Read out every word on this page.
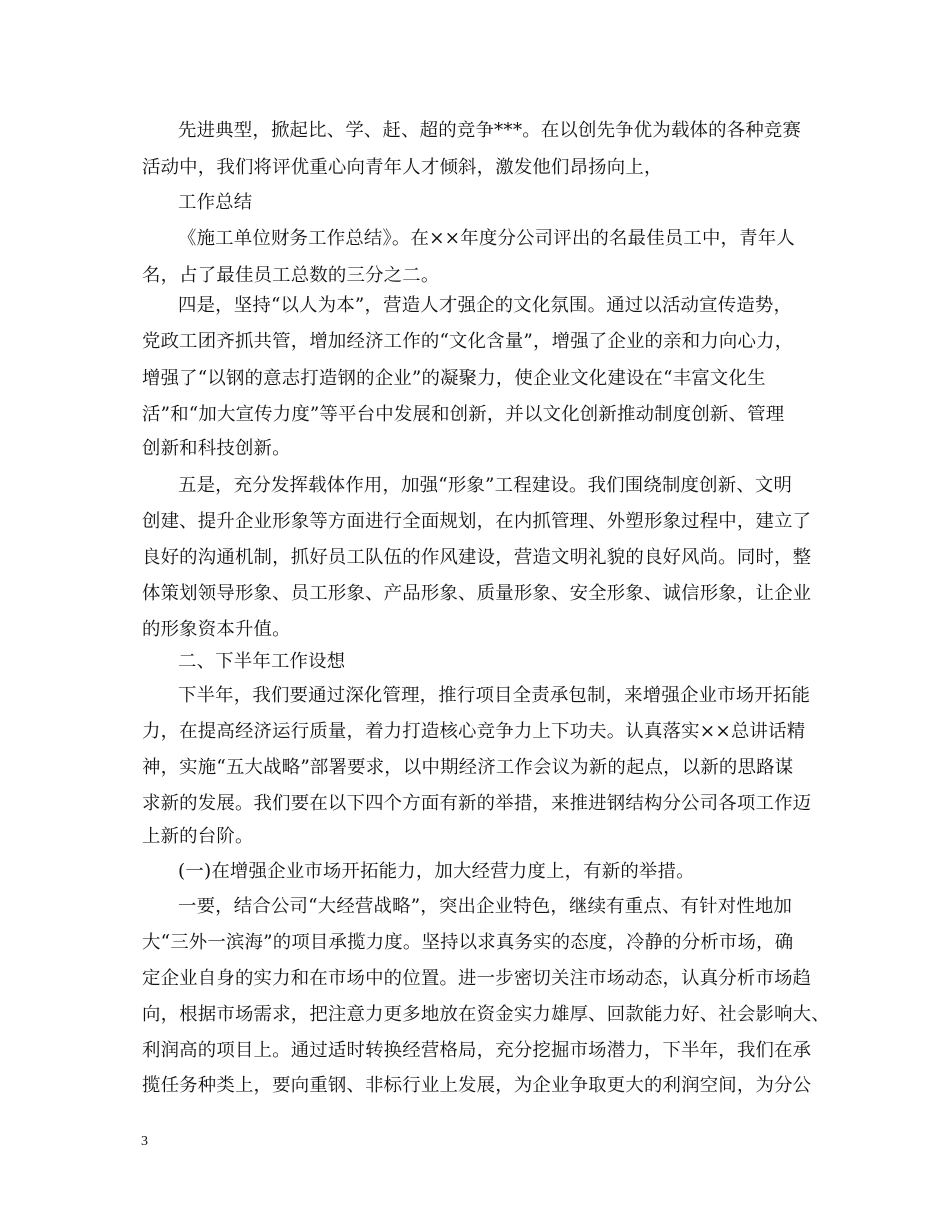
先进典型，掀起比、学、赶、超的竞争***。在以创先争优为载体的各种竞赛
活动中，我们将评优重心向青年人才倾斜，激发他们昂扬向上，
工作总结
《施工单位财务工作总结》。在××年度分公司评出的名最佳员工中，青年人
名，占了最佳员工总数的三分之二。
四是，坚持“以人为本”，营造人才强企的文化氛围。通过以活动宣传造势，
党政工团齐抓共管，增加经济工作的“文化含量”，增强了企业的亲和力向心力，
增强了“以钢的意志打造钢的企业”的凝聚力，使企业文化建设在“丰富文化生
活”和“加大宣传力度”等平台中发展和创新，并以文化创新推动制度创新、管理
创新和科技创新。
五是，充分发挥载体作用，加强“形象”工程建设。我们围绕制度创新、文明
创建、提升企业形象等方面进行全面规划，在内抓管理、外塑形象过程中，建立了
良好的沟通机制，抓好员工队伍的作风建设，营造文明礼貌的良好风尚。同时，整
体策划领导形象、员工形象、产品形象、质量形象、安全形象、诚信形象，让企业
的形象资本升值。
二、下半年工作设想
下半年，我们要通过深化管理，推行项目全责承包制，来增强企业市场开拓能
力，在提高经济运行质量，着力打造核心竞争力上下功夫。认真落实××总讲话精
神，实施“五大战略”部署要求，以中期经济工作会议为新的起点，以新的思路谋
求新的发展。我们要在以下四个方面有新的举措，来推进钢结构分公司各项工作迈
上新的台阶。
(一)在增强企业市场开拓能力，加大经营力度上，有新的举措。
一要，结合公司“大经营战略”，突出企业特色，继续有重点、有针对性地加
大“三外一滨海”的项目承揽力度。坚持以求真务实的态度，冷静的分析市场，确
定企业自身的实力和在市场中的位置。进一步密切关注市场动态，认真分析市场趋
向，根据市场需求，把注意力更多地放在资金实力雄厚、回款能力好、社会影响大、
利润高的项目上。通过适时转换经营格局，充分挖掘市场潜力，下半年，我们在承
揽任务种类上，要向重钢、非标行业上发展，为企业争取更大的利润空间，为分公
3
